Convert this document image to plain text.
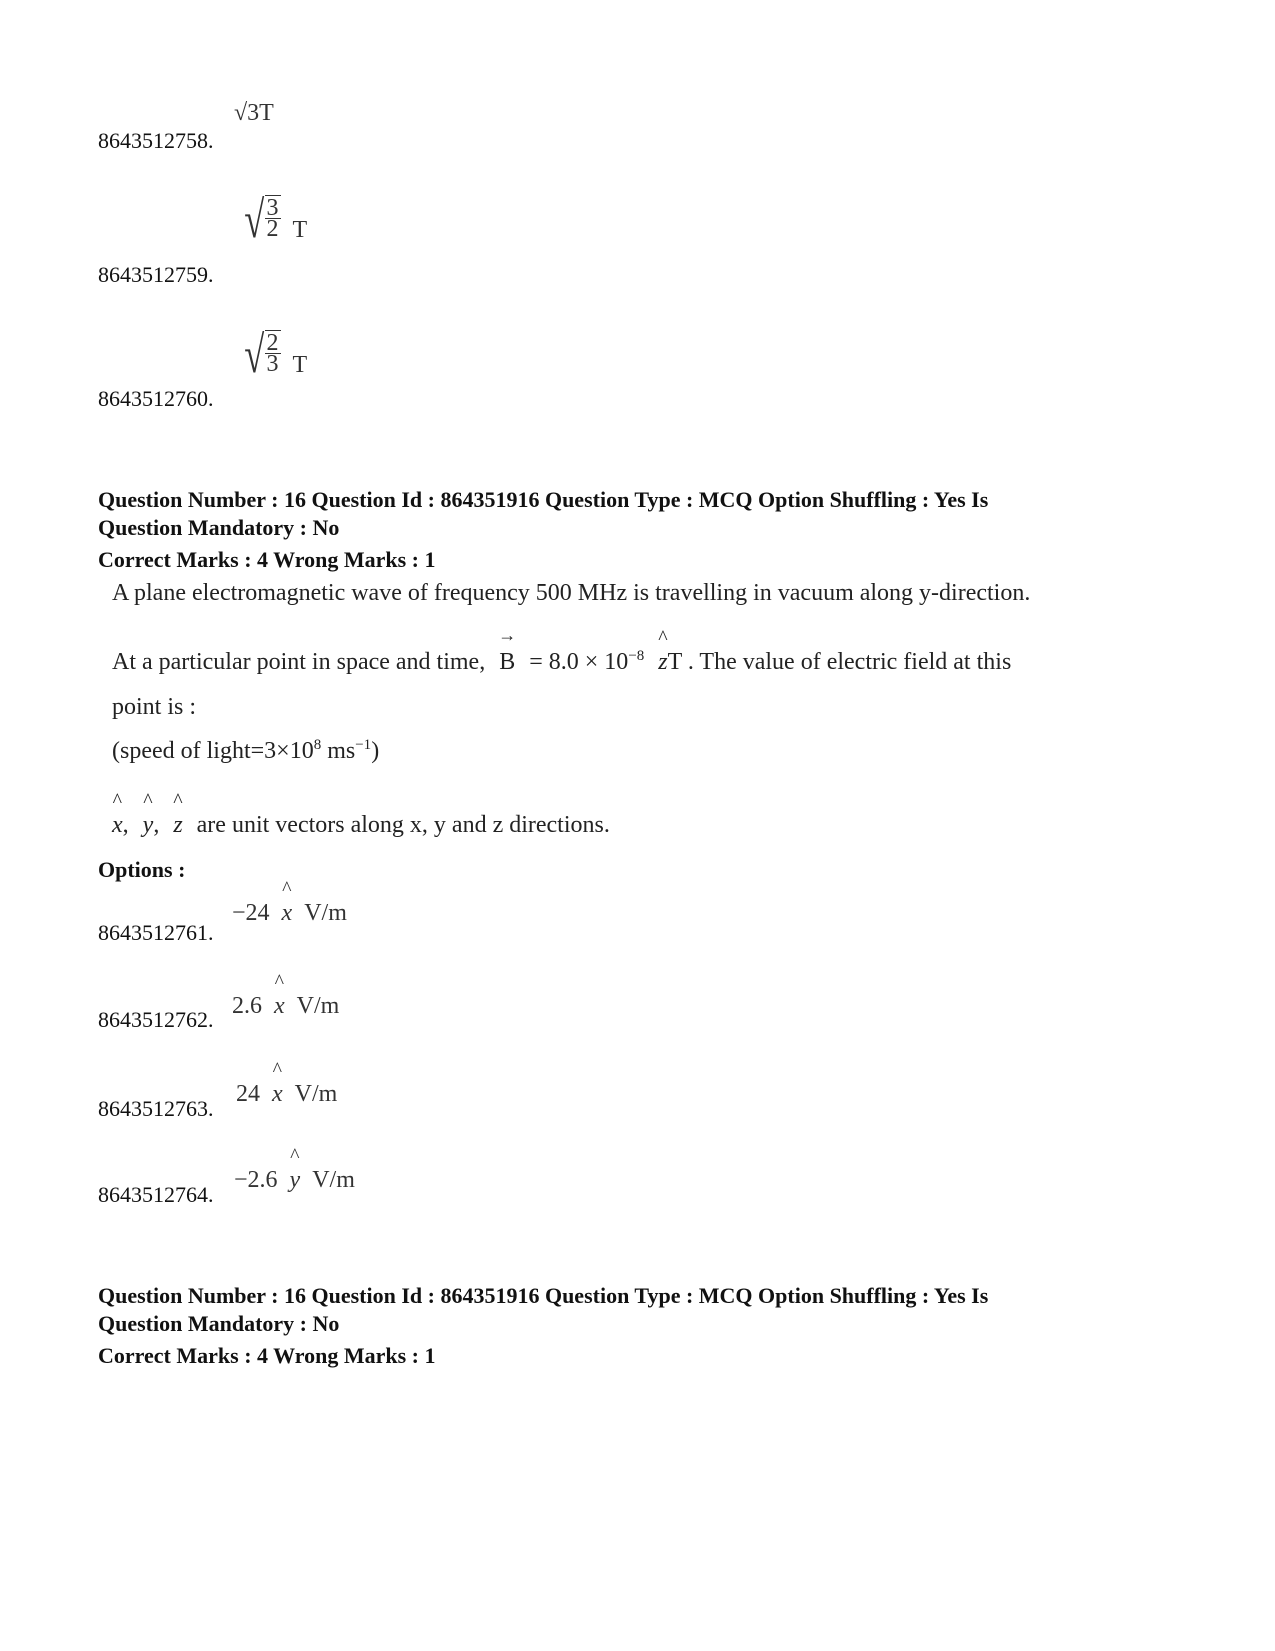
√3T
8643512758.
√ $\frac{3}{2}$ T
8643512759.
√ $\frac{2}{3}$ T
8643512760.
Question Number : 16 Question Id : 864351916 Question Type : MCQ Option Shuffling : Yes Is
Question Mandatory : No
Correct Marks : 4 Wrong Marks : 1
A plane electromagnetic wave of frequency 500 MHz is travelling in vacuum along y-direction.
At a particular point in space and time, → $B = 8.0 \times 10^{-8}$ ^ zT . The value of electric field at this
point is :
(speed of $light=3\times 10^8$ $ms^{-1}$)
^ x, ^ y, ^ z are unit vectors along x, y and z directions.
Options :
−24 ^ x V/m
8643512761.
2.6 ^ x V/m
8643512762.
24 ^ x V/m
8643512763.
−2.6 ^ y V/m
8643512764.
Question Number : 16 Question Id : 864351916 Question Type : MCQ Option Shuffling : Yes Is
Question Mandatory : No
Correct Marks : 4 Wrong Marks : 1
